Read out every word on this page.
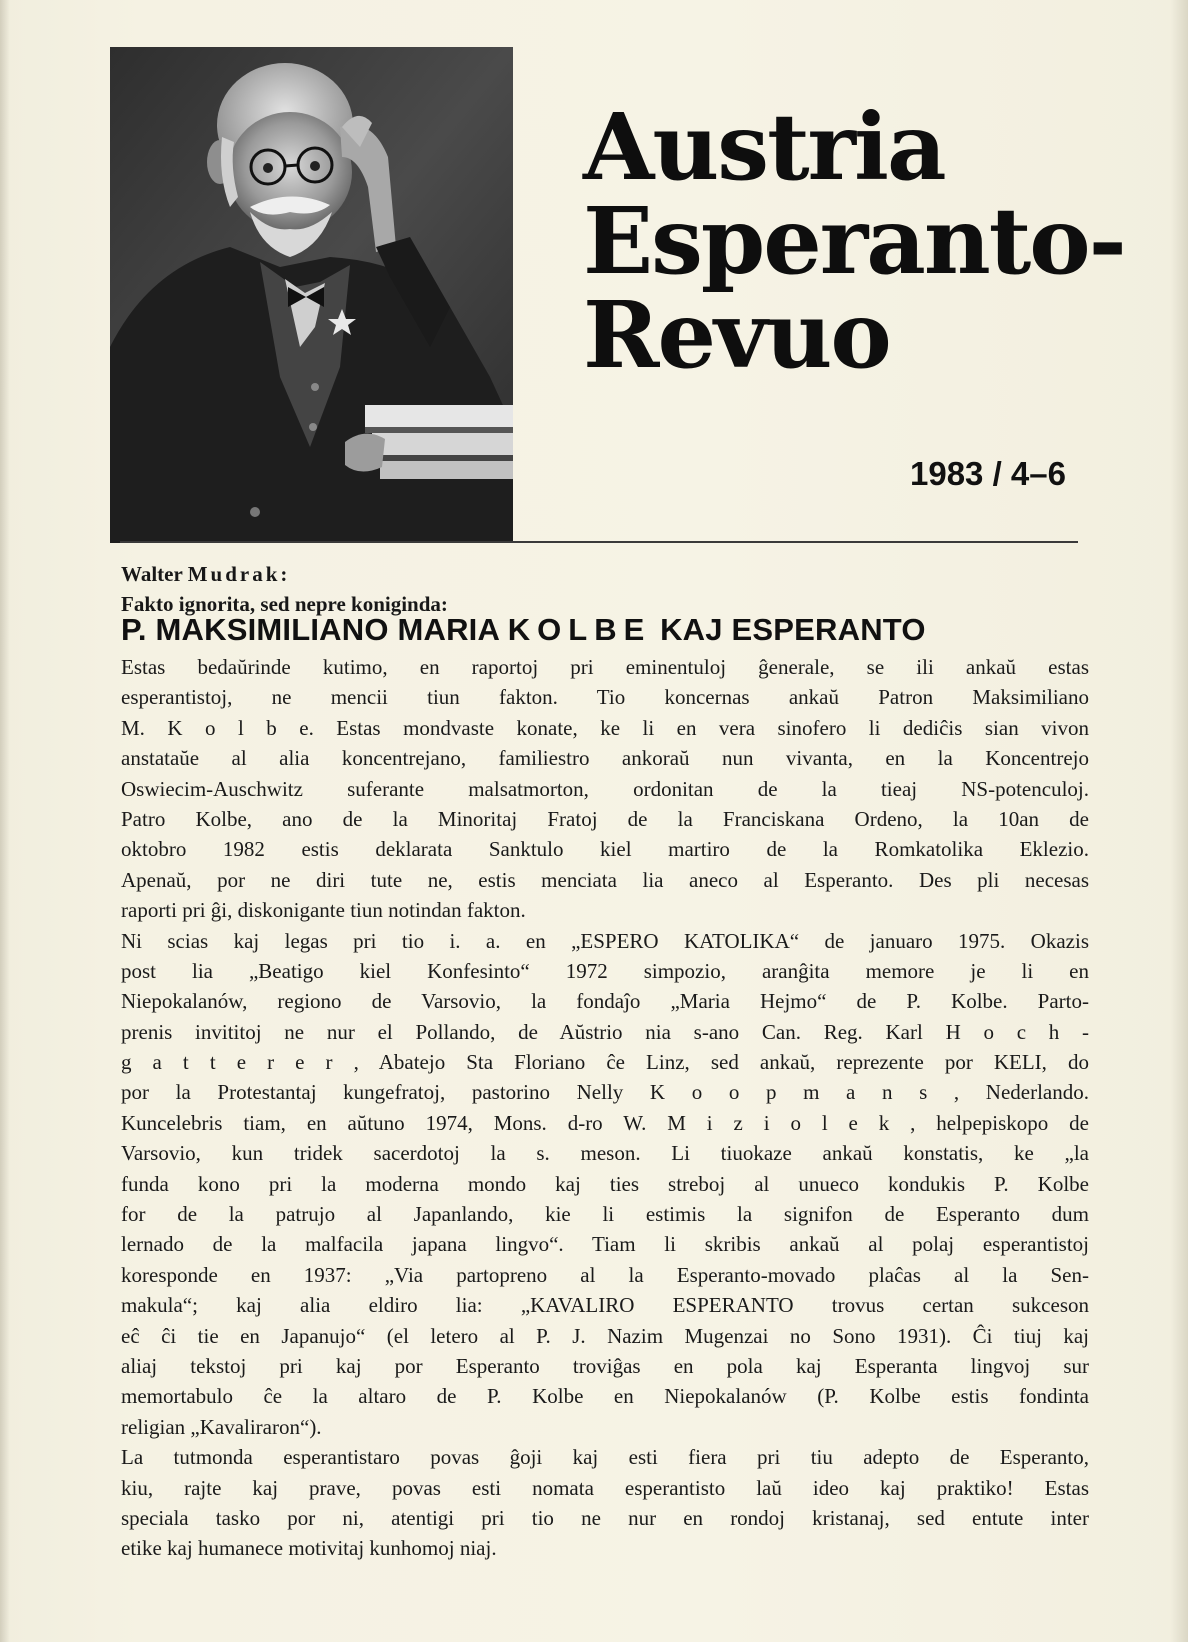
Austria
Esperanto-
Revuo
1983 / 4–6
Walter Mudrak:
Fakto ignorita, sed nepre koniginda:
P. MAKSIMILIANO MARIA KOLBE KAJ ESPERANTO
Estas bedaŭrinde kutimo, en raportoj pri eminentuloj ĝenerale, se ili ankaŭ estas
esperantistoj, ne mencii tiun fakton. Tio koncernas ankaŭ Patron Maksimiliano
M. K o l b e. Estas mondvaste konate, ke li en vera sinofero li dediĉis sian vivon
anstataŭe al alia koncentrejano, familiestro ankoraŭ nun vivanta, en la Koncentrejo
Oswiecim-Auschwitz suferante malsatmorton, ordonitan de la tieaj NS-potenculoj.
Patro Kolbe, ano de la Minoritaj Fratoj de la Franciskana Ordeno, la 10an de
oktobro 1982 estis deklarata Sanktulo kiel martiro de la Romkatolika Eklezio.
Apenaŭ, por ne diri tute ne, estis menciata lia aneco al Esperanto. Des pli necesas
raporti pri ĝi, diskonigante tiun notindan fakton.
Ni scias kaj legas pri tio i. a. en „ESPERO KATOLIKA“ de januaro 1975. Okazis
post lia „Beatigo kiel Konfesinto“ 1972 simpozio, aranĝita memore je li en
Niepokalanów, regiono de Varsovio, la fondaĵo „Maria Hejmo“ de P. Kolbe. Parto-
prenis invititoj ne nur el Pollando, de Aŭstrio nia s-ano Can. Reg. Karl H o c h -
g a t t e r e r , Abatejo Sta Floriano ĉe Linz, sed ankaŭ, reprezente por KELI, do
por la Protestantaj kungefratoj, pastorino Nelly K o o p m a n s , Nederlando.
Kuncelebris tiam, en aŭtuno 1974, Mons. d-ro W. M i z i o l e k , helpepiskopo de
Varsovio, kun tridek sacerdotoj la s. meson. Li tiuokaze ankaŭ konstatis, ke „la
funda kono pri la moderna mondo kaj ties streboj al unueco kondukis P. Kolbe
for de la patrujo al Japanlando, kie li estimis la signifon de Esperanto dum
lernado de la malfacila japana lingvo“. Tiam li skribis ankaŭ al polaj esperantistoj
koresponde en 1937: „Via partopreno al la Esperanto-movado plaĉas al la Sen-
makula“; kaj alia eldiro lia: „KAVALIRO ESPERANTO trovus certan sukceson
eĉ ĉi tie en Japanujo“ (el letero al P. J. Nazim Mugenzai no Sono 1931). Ĉi tiuj kaj
aliaj tekstoj pri kaj por Esperanto troviĝas en pola kaj Esperanta lingvoj sur
memortabulo ĉe la altaro de P. Kolbe en Niepokalanów (P. Kolbe estis fondinta
religian „Kavaliraron“).
La tutmonda esperantistaro povas ĝoji kaj esti fiera pri tiu adepto de Esperanto,
kiu, rajte kaj prave, povas esti nomata esperantisto laŭ ideo kaj praktiko! Estas
speciala tasko por ni, atentigi pri tio ne nur en rondoj kristanaj, sed entute inter
etike kaj humanece motivitaj kunhomoj niaj.
